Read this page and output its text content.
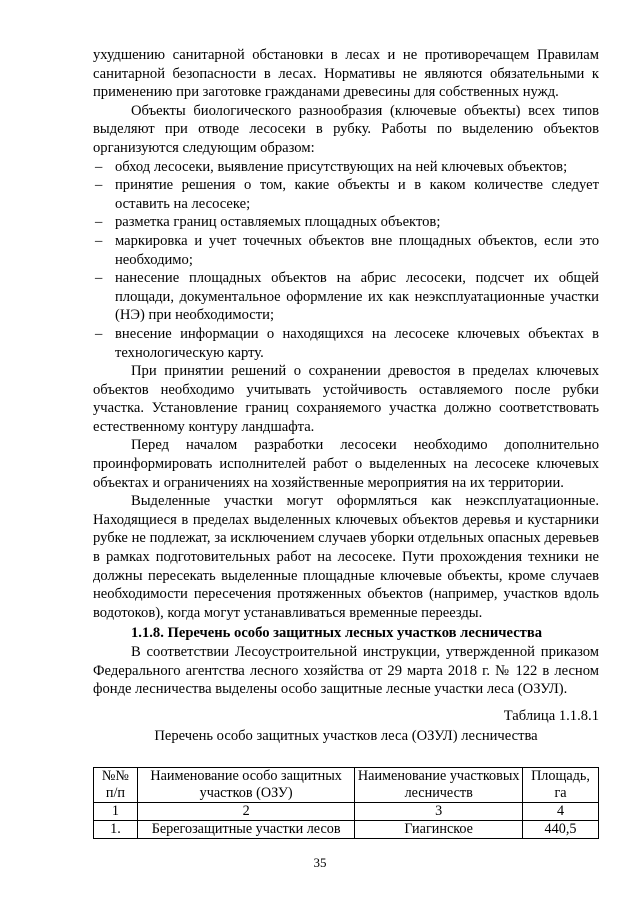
ухудшению санитарной обстановки в лесах и не противоречащем Правилам санитарной безопасности в лесах. Нормативы не являются обязательными к применению при заготовке гражданами древесины для собственных нужд.

Объекты биологического разнообразия (ключевые объекты) всех типов выделяют при отводе лесосеки в рубку. Работы по выделению объектов организуются следующим образом:

– обход лесосеки, выявление присутствующих на ней ключевых объектов;
– принятие решения о том, какие объекты и в каком количестве следует оставить на лесосеке;
– разметка границ оставляемых площадных объектов;
– маркировка и учет точечных объектов вне площадных объектов, если это необходимо;
– нанесение площадных объектов на абрис лесосеки, подсчет их общей площади, документальное оформление их как неэксплуатационные участки (НЭ) при необходимости;
– внесение информации о находящихся на лесосеке ключевых объектах в технологическую карту.

При принятии решений о сохранении древостоя в пределах ключевых объектов необходимо учитывать устойчивость оставляемого после рубки участка. Установление границ сохраняемого участка должно соответствовать естественному контуру ландшафта.

Перед началом разработки лесосеки необходимо дополнительно проинформировать исполнителей работ о выделенных на лесосеке ключевых объектах и ограничениях на хозяйственные мероприятия на их территории.

Выделенные участки могут оформляться как неэксплуатационные. Находящиеся в пределах выделенных ключевых объектов деревья и кустарники рубке не подлежат, за исключением случаев уборки отдельных опасных деревьев в рамках подготовительных работ на лесосеке. Пути прохождения техники не должны пересекать выделенные площадные ключевые объекты, кроме случаев необходимости пересечения протяженных объектов (например, участков вдоль водотоков), когда могут устанавливаться временные переезды.

1.1.8. Перечень особо защитных лесных участков лесничества

В соответствии Лесоустроительной инструкции, утвержденной приказом Федерального агентства лесного хозяйства от 29 марта 2018 г. № 122 в лесном фонде лесничества выделены особо защитные лесные участки леса (ОЗУЛ).

Таблица 1.1.8.1

Перечень особо защитных участков леса (ОЗУЛ) лесничества

№№ п/п	Наименование особо защитных участков (ОЗУ)	Наименование участковых лесничеств	Площадь, га
1	2	3	4
1.	Берегозащитные участки лесов	Гиагинское	440,5
35
